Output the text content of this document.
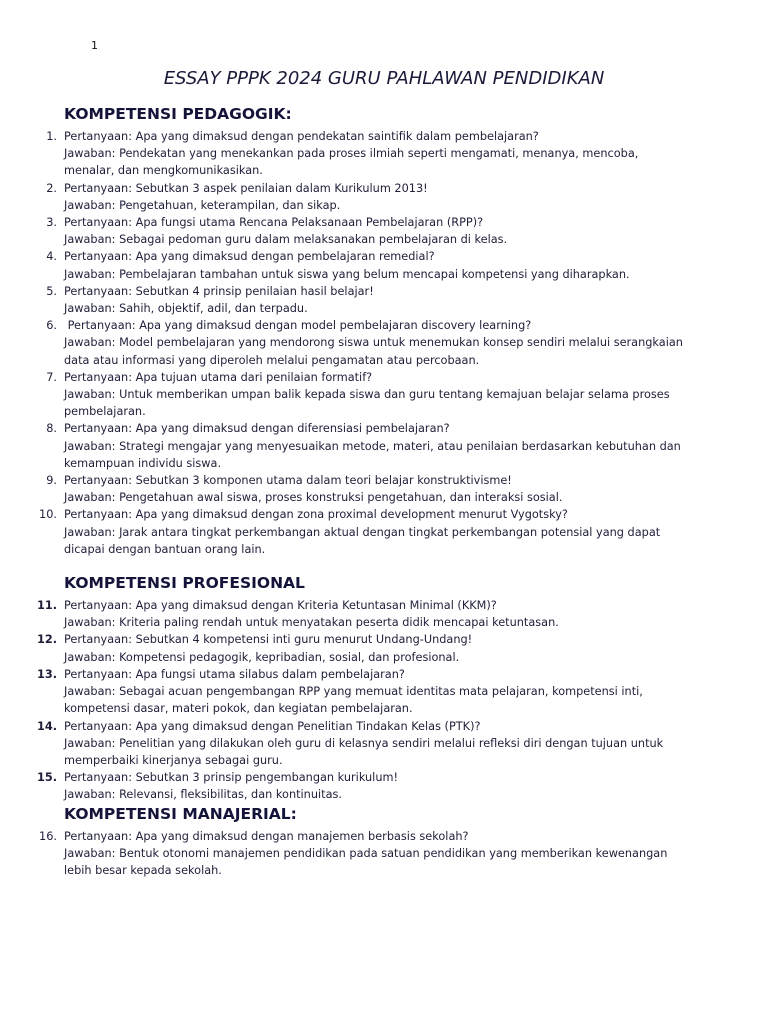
1
ESSAY PPPK 2024 GURU PAHLAWAN PENDIDIKAN
KOMPETENSI PEDAGOGIK:
1. Pertanyaan: Apa yang dimaksud dengan pendekatan saintifik dalam pembelajaran?
Jawaban: Pendekatan yang menekankan pada proses ilmiah seperti mengamati, menanya, mencoba, menalar, dan mengkomunikasikan.
2. Pertanyaan: Sebutkan 3 aspek penilaian dalam Kurikulum 2013!
Jawaban: Pengetahuan, keterampilan, dan sikap.
3. Pertanyaan: Apa fungsi utama Rencana Pelaksanaan Pembelajaran (RPP)?
Jawaban: Sebagai pedoman guru dalam melaksanakan pembelajaran di kelas.
4. Pertanyaan: Apa yang dimaksud dengan pembelajaran remedial?
Jawaban: Pembelajaran tambahan untuk siswa yang belum mencapai kompetensi yang diharapkan.
5. Pertanyaan: Sebutkan 4 prinsip penilaian hasil belajar!
Jawaban: Sahih, objektif, adil, dan terpadu.
6. Pertanyaan: Apa yang dimaksud dengan model pembelajaran discovery learning?
Jawaban: Model pembelajaran yang mendorong siswa untuk menemukan konsep sendiri melalui serangkaian data atau informasi yang diperoleh melalui pengamatan atau percobaan.
7. Pertanyaan: Apa tujuan utama dari penilaian formatif?
Jawaban: Untuk memberikan umpan balik kepada siswa dan guru tentang kemajuan belajar selama proses pembelajaran.
8. Pertanyaan: Apa yang dimaksud dengan diferensiasi pembelajaran?
Jawaban: Strategi mengajar yang menyesuaikan metode, materi, atau penilaian berdasarkan kebutuhan dan kemampuan individu siswa.
9. Pertanyaan: Sebutkan 3 komponen utama dalam teori belajar konstruktivisme!
Jawaban: Pengetahuan awal siswa, proses konstruksi pengetahuan, dan interaksi sosial.
10. Pertanyaan: Apa yang dimaksud dengan zona proximal development menurut Vygotsky?
Jawaban: Jarak antara tingkat perkembangan aktual dengan tingkat perkembangan potensial yang dapat dicapai dengan bantuan orang lain.
KOMPETENSI PROFESIONAL
11. Pertanyaan: Apa yang dimaksud dengan Kriteria Ketuntasan Minimal (KKM)?
Jawaban: Kriteria paling rendah untuk menyatakan peserta didik mencapai ketuntasan.
12. Pertanyaan: Sebutkan 4 kompetensi inti guru menurut Undang-Undang!
Jawaban: Kompetensi pedagogik, kepribadian, sosial, dan profesional.
13. Pertanyaan: Apa fungsi utama silabus dalam pembelajaran?
Jawaban: Sebagai acuan pengembangan RPP yang memuat identitas mata pelajaran, kompetensi inti, kompetensi dasar, materi pokok, dan kegiatan pembelajaran.
14. Pertanyaan: Apa yang dimaksud dengan Penelitian Tindakan Kelas (PTK)?
Jawaban: Penelitian yang dilakukan oleh guru di kelasnya sendiri melalui refleksi diri dengan tujuan untuk memperbaiki kinerjanya sebagai guru.
15. Pertanyaan: Sebutkan 3 prinsip pengembangan kurikulum!
Jawaban: Relevansi, fleksibilitas, dan kontinuitas.
KOMPETENSI MANAJERIAL:
16. Pertanyaan: Apa yang dimaksud dengan manajemen berbasis sekolah?
Jawaban: Bentuk otonomi manajemen pendidikan pada satuan pendidikan yang memberikan kewenangan lebih besar kepada sekolah.
